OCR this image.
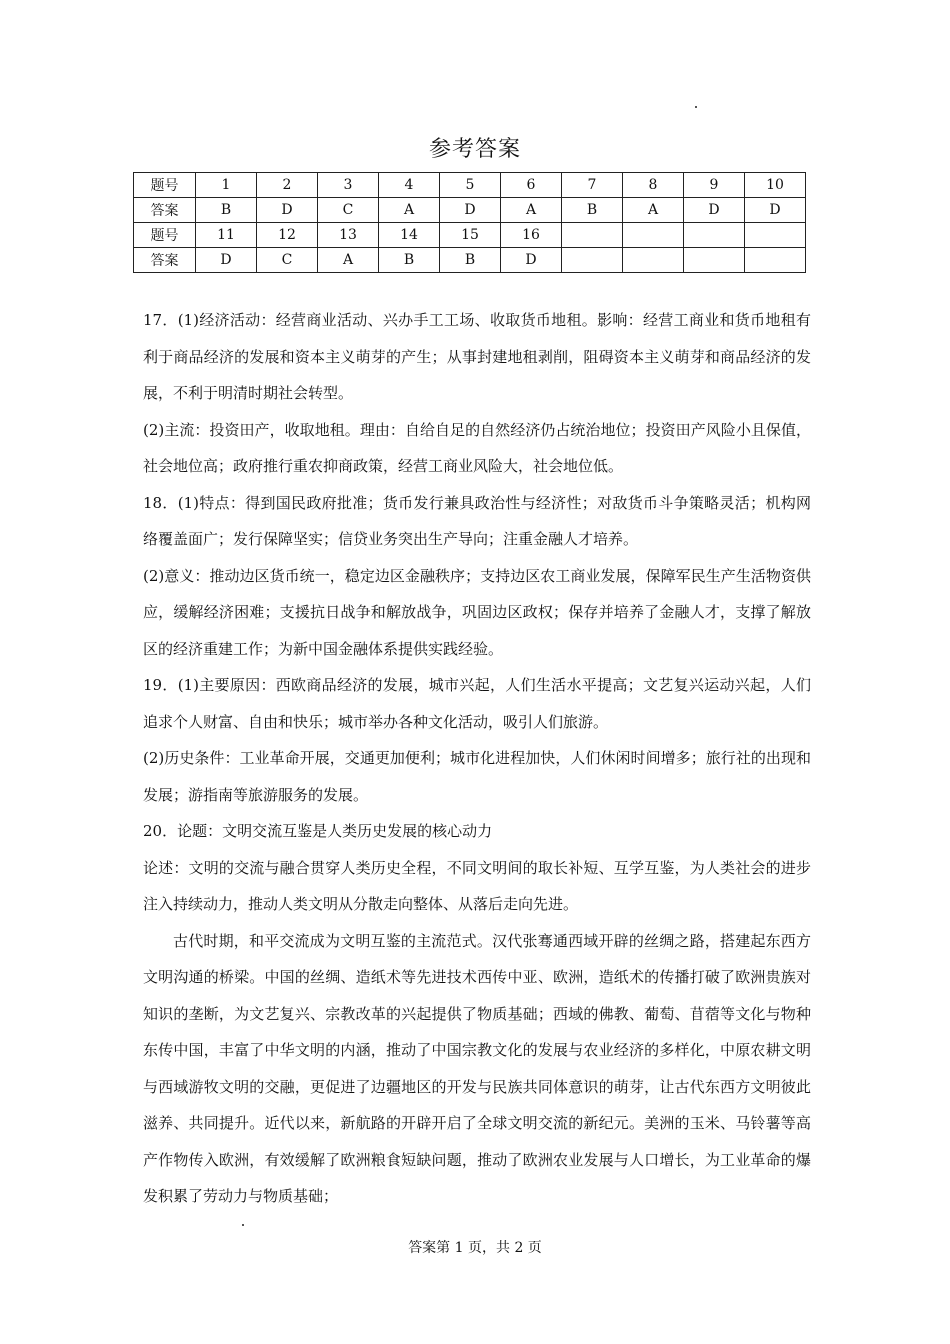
参考答案
题号	1	2	3	4	5	6	7	8	9	10
答案	B	D	C	A	D	A	B	A	D	D
题号	11	12	13	14	15	16				
答案	D	C	A	B	B	D				

17．(1)经济活动：经营商业活动、兴办手工工场、收取货币地租。影响：经营工商业和货币地租有利于商品经济的发展和资本主义萌芽的产生；从事封建地租剥削，阻碍资本主义萌芽和商品经济的发展，不利于明清时期社会转型。

(2)主流：投资田产，收取地租。理由：自给自足的自然经济仍占统治地位；投资田产风险小且保值，社会地位高；政府推行重农抑商政策，经营工商业风险大，社会地位低。

18．(1)特点：得到国民政府批准；货币发行兼具政治性与经济性；对敌货币斗争策略灵活；机构网络覆盖面广；发行保障坚实；信贷业务突出生产导向；注重金融人才培养。

(2)意义：推动边区货币统一，稳定边区金融秩序；支持边区农工商业发展，保障军民生产生活物资供应，缓解经济困难；支援抗日战争和解放战争，巩固边区政权；保存并培养了金融人才，支撑了解放区的经济重建工作；为新中国金融体系提供实践经验。

19．(1)主要原因：西欧商品经济的发展，城市兴起，人们生活水平提高；文艺复兴运动兴起，人们追求个人财富、自由和快乐；城市举办各种文化活动，吸引人们旅游。

(2)历史条件：工业革命开展，交通更加便利；城市化进程加快，人们休闲时间增多；旅行社的出现和发展；游指南等旅游服务的发展。

20．论题：文明交流互鉴是人类历史发展的核心动力

论述：文明的交流与融合贯穿人类历史全程，不同文明间的取长补短、互学互鉴，为人类社会的进步注入持续动力，推动人类文明从分散走向整体、从落后走向先进。

古代时期，和平交流成为文明互鉴的主流范式。汉代张骞通西域开辟的丝绸之路，搭建起东西方文明沟通的桥梁。中国的丝绸、造纸术等先进技术西传中亚、欧洲，造纸术的传播打破了欧洲贵族对知识的垄断，为文艺复兴、宗教改革的兴起提供了物质基础；西域的佛教、葡萄、苜蓿等文化与物种东传中国，丰富了中华文明的内涵，推动了中国宗教文化的发展与农业经济的多样化，中原农耕文明与西域游牧文明的交融，更促进了边疆地区的开发与民族共同体意识的萌芽，让古代东西方文明彼此滋养、共同提升。近代以来，新航路的开辟开启了全球文明交流的新纪元。美洲的玉米、马铃薯等高产作物传入欧洲，有效缓解了欧洲粮食短缺问题，推动了欧洲农业发展与人口增长，为工业革命的爆发积累了劳动力与物质基础；

答案第 1 页，共 2 页
